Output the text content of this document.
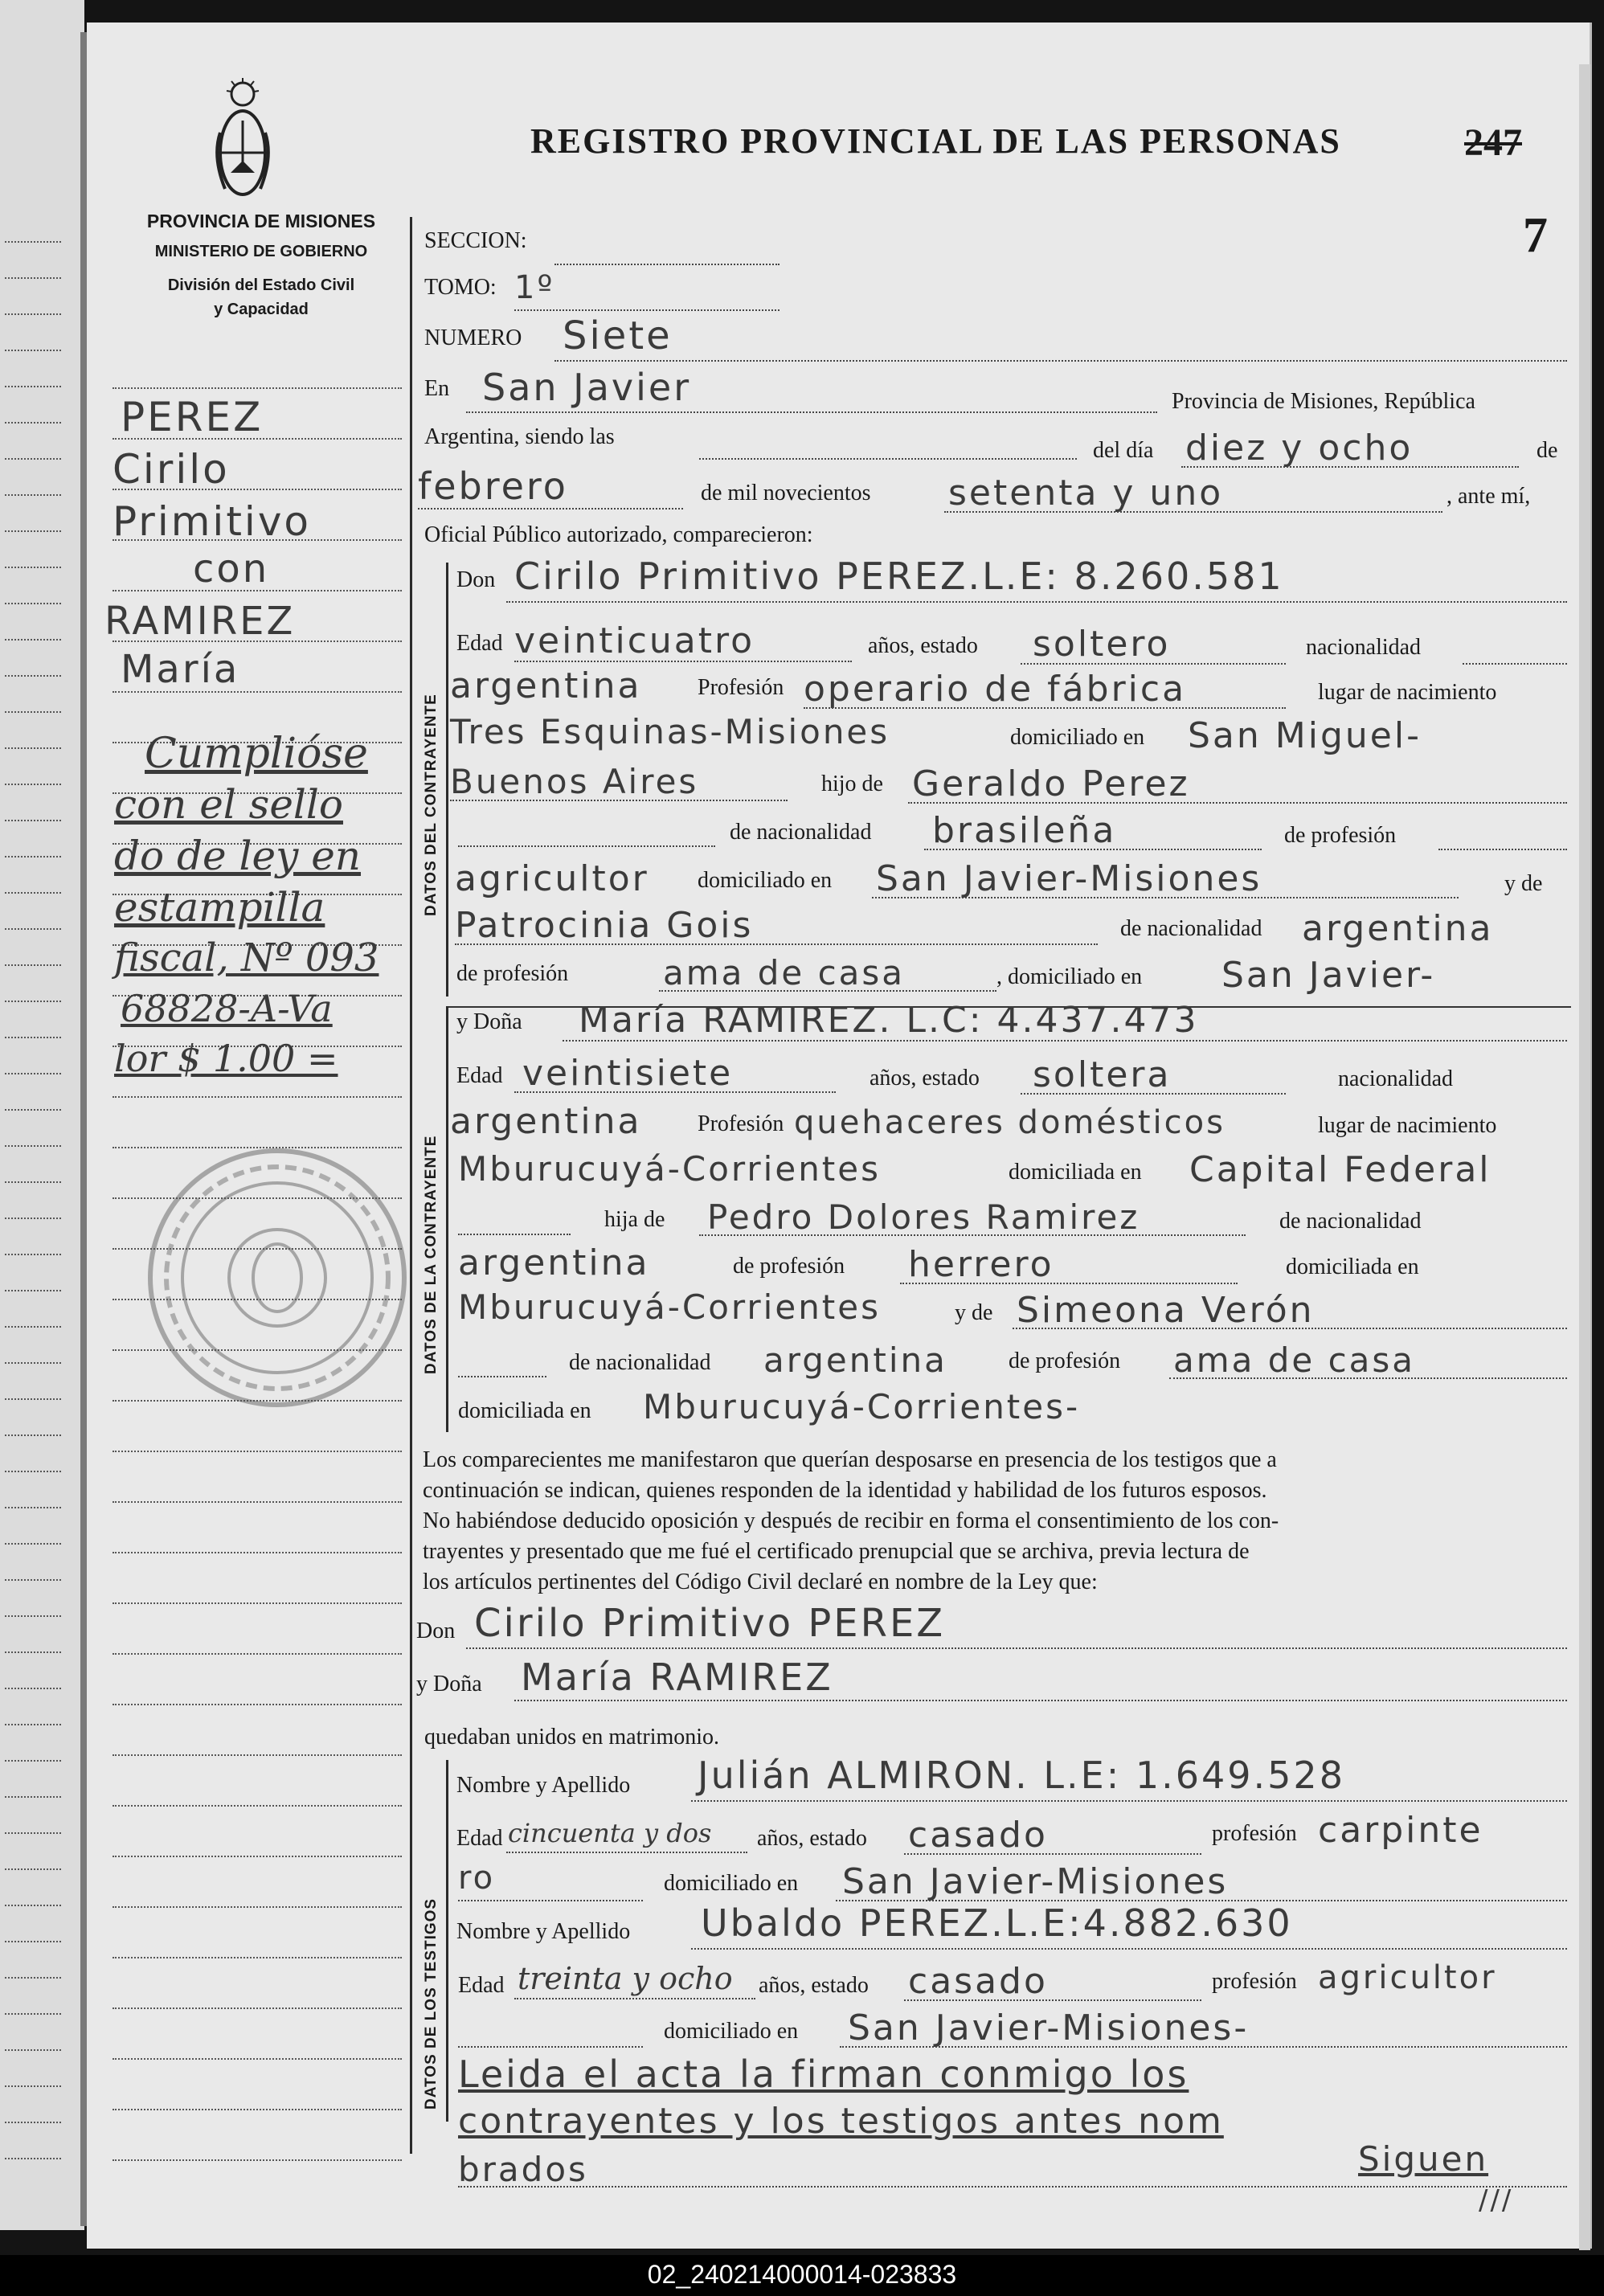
PROVINCIA DE MISIONES
MINISTERIO DE GOBIERNO
División del Estado Civil
y Capacidad
REGISTRO PROVINCIAL DE LAS PERSONAS	247
7
PEREZ
Cirilo
Primitivo
con
RAMIREZ
María
Cumplióse
con el sello
do de ley en
estampilla
fiscal, Nº 093
68828-A-Va
lor $ 1.00 =
SECCION:
TOMO: 1º
NUMERO Siete
En San Javier	Provincia de Misiones, República
Argentina, siendo las
del día diez y ocho	de
febrero	de mil novecientos setenta y uno	, ante mí,
Oficial Público autorizado, comparecieron:
DATOS DEL CONTRAYENTE
Don Cirilo Primitivo PEREZ.L.E: 8.260.581
Edad veinticuatro	años, estado soltero	nacionalidad
argentina Profesión operario de fábrica	lugar de nacimiento
Tres Esquinas-Misiones	domiciliado en San Miguel-
Buenos Aires	hijo de Geraldo Perez
de nacionalidad brasileña	de profesión
agricultor domiciliado en San Javier-Misiones	y de
Patrocinia Gois	de nacionalidad argentina
de profesión	ama de casa	, domiciliado en San Javier-
DATOS DE LA CONTRAYENTE
y Doña María RAMIREZ. L.C: 4.437.473
Edad veintisiete	años, estado soltera	nacionalidad
argentina Profesión quehaceres domésticos	lugar de nacimiento
Mburucuyá-Corrientes	domiciliada en Capital Federal
hija de Pedro Dolores Ramirez	de nacionalidad
argentina	de profesión herrero	domiciliada en
Mburucuyá-Corrientes	y de Simeona Verón
de nacionalidad argentina	de profesión ama de casa
domiciliada en Mburucuyá-Corrientes-
Los comparecientes me manifestaron que querían desposarse en presencia de los testigos que a
continuación se indican, quienes responden de la identidad y habilidad de los futuros esposos.
No habiéndose deducido oposición y después de recibir en forma el consentimiento de los con-
trayentes y presentado que me fué el certificado prenupcial que se archiva, previa lectura de
los artículos pertinentes del Código Civil declaré en nombre de la Ley que:
Don Cirilo Primitivo PEREZ
y Doña María RAMIREZ
quedaban unidos en matrimonio.
DATOS DE LOS TESTIGOS
Nombre y Apellido Julián ALMIRON. L.E: 1.649.528
Edad cincuenta y dos años, estado casado	profesión carpinte
ro	domiciliado en San Javier-Misiones
Nombre y Apellido Ubaldo PEREZ.L.E:4.882.630
Edad treinta y ocho años, estado casado	profesión agricultor
domiciliado en San Javier-Misiones-
Leida el acta la firman conmigo los
contrayentes y los testigos antes nom
brados	Siguen
///
02_240214000014-023833
